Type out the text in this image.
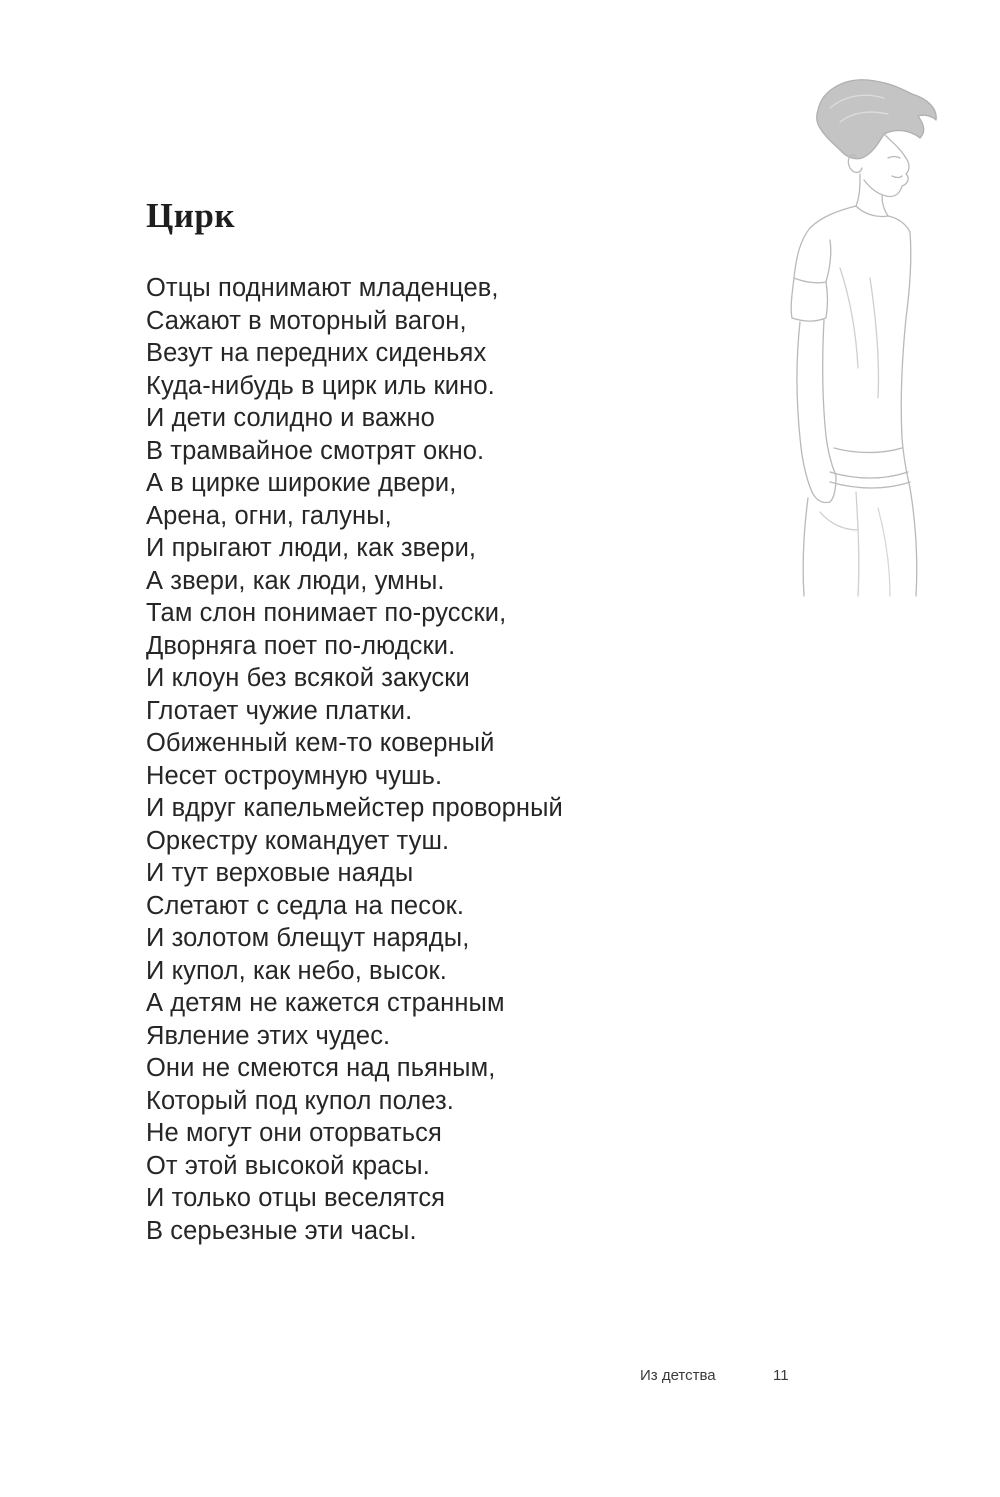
Цирк
Отцы поднимают младенцев,
Сажают в моторный вагон,
Везут на передних сиденьях
Куда-нибудь в цирк иль кино.
И дети солидно и важно
В трамвайное смотрят окно.
А в цирке широкие двери,
Арена, огни, галуны,
И прыгают люди, как звери,
А звери, как люди, умны.
Там слон понимает по-русски,
Дворняга поет по-людски.
И клоун без всякой закуски
Глотает чужие платки.
Обиженный кем-то коверный
Несет остроумную чушь.
И вдруг капельмейстер проворный
Оркестру командует туш.
И тут верховые наяды
Слетают с седла на песок.
И золотом блещут наряды,
И купол, как небо, высок.
А детям не кажется странным
Явление этих чудес.
Они не смеются над пьяным,
Который под купол полез.
Не могут они оторваться
От этой высокой красы.
И только отцы веселятся
В серьезные эти часы.
Из детства	11
